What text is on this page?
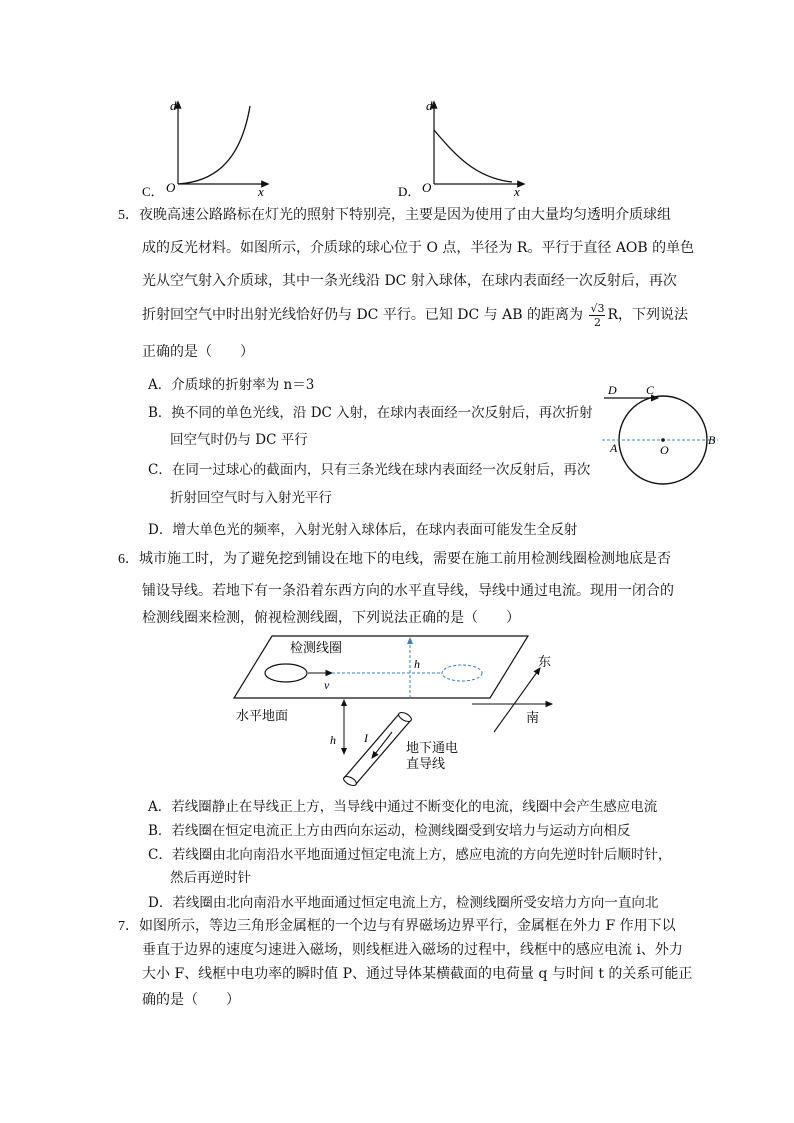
d
x
O
C．
d
x
O
D．
5．夜晚高速公路路标在灯光的照射下特别亮，主要是因为使用了由大量均匀透明介质球组
成的反光材料。如图所示，介质球的球心位于 O 点，半径为 R。平行于直径 AOB 的单色
光从空气射入介质球，其中一条光线沿 DC 射入球体，在球内表面经一次反射后，再次
折射回空气中时出射光线恰好仍与 DC 平行。已知 DC 与 AB 的距离为 $\frac{√3}{2}$ R，下列说法
正确的是（　　）
A．介质球的折射率为 n＝3
B．换不同的单色光线，沿 DC 入射，在球内表面经一次反射后，再次折射
回空气时仍与 DC 平行
C．在同一过球心的截面内，只有三条光线在球内表面经一次反射后，再次
折射回空气时与入射光平行
D．增大单色光的频率，入射光射入球体后，在球内表面可能发生全反射
D C
A	O
B
6．城市施工时，为了避免挖到铺设在地下的电线，需要在施工前用检测线圈检测地底是否
铺设导线。若地下有一条沿着东西方向的水平直导线，导线中通过电流。现用一闭合的
检测线圈来检测，俯视检测线圈，下列说法正确的是（　　）
检测线圈
v
h
水平地面
h I
地下通电
直导线
东
南
A．若线圈静止在导线正上方，当导线中通过不断变化的电流，线圈中会产生感应电流
B．若线圈在恒定电流正上方由西向东运动，检测线圈受到安培力与运动方向相反
C．若线圈由北向南沿水平地面通过恒定电流上方，感应电流的方向先逆时针后顺时针，
然后再逆时针
D．若线圈由北向南沿水平地面通过恒定电流上方，检测线圈所受安培力方向一直向北
7．如图所示，等边三角形金属框的一个边与有界磁场边界平行，金属框在外力 F 作用下以
垂直于边界的速度匀速进入磁场，则线框进入磁场的过程中，线框中的感应电流 i、外力
大小 F、线框中电功率的瞬时值 P、通过导体某横截面的电荷量 q 与时间 t 的关系可能正
确的是（　　）
